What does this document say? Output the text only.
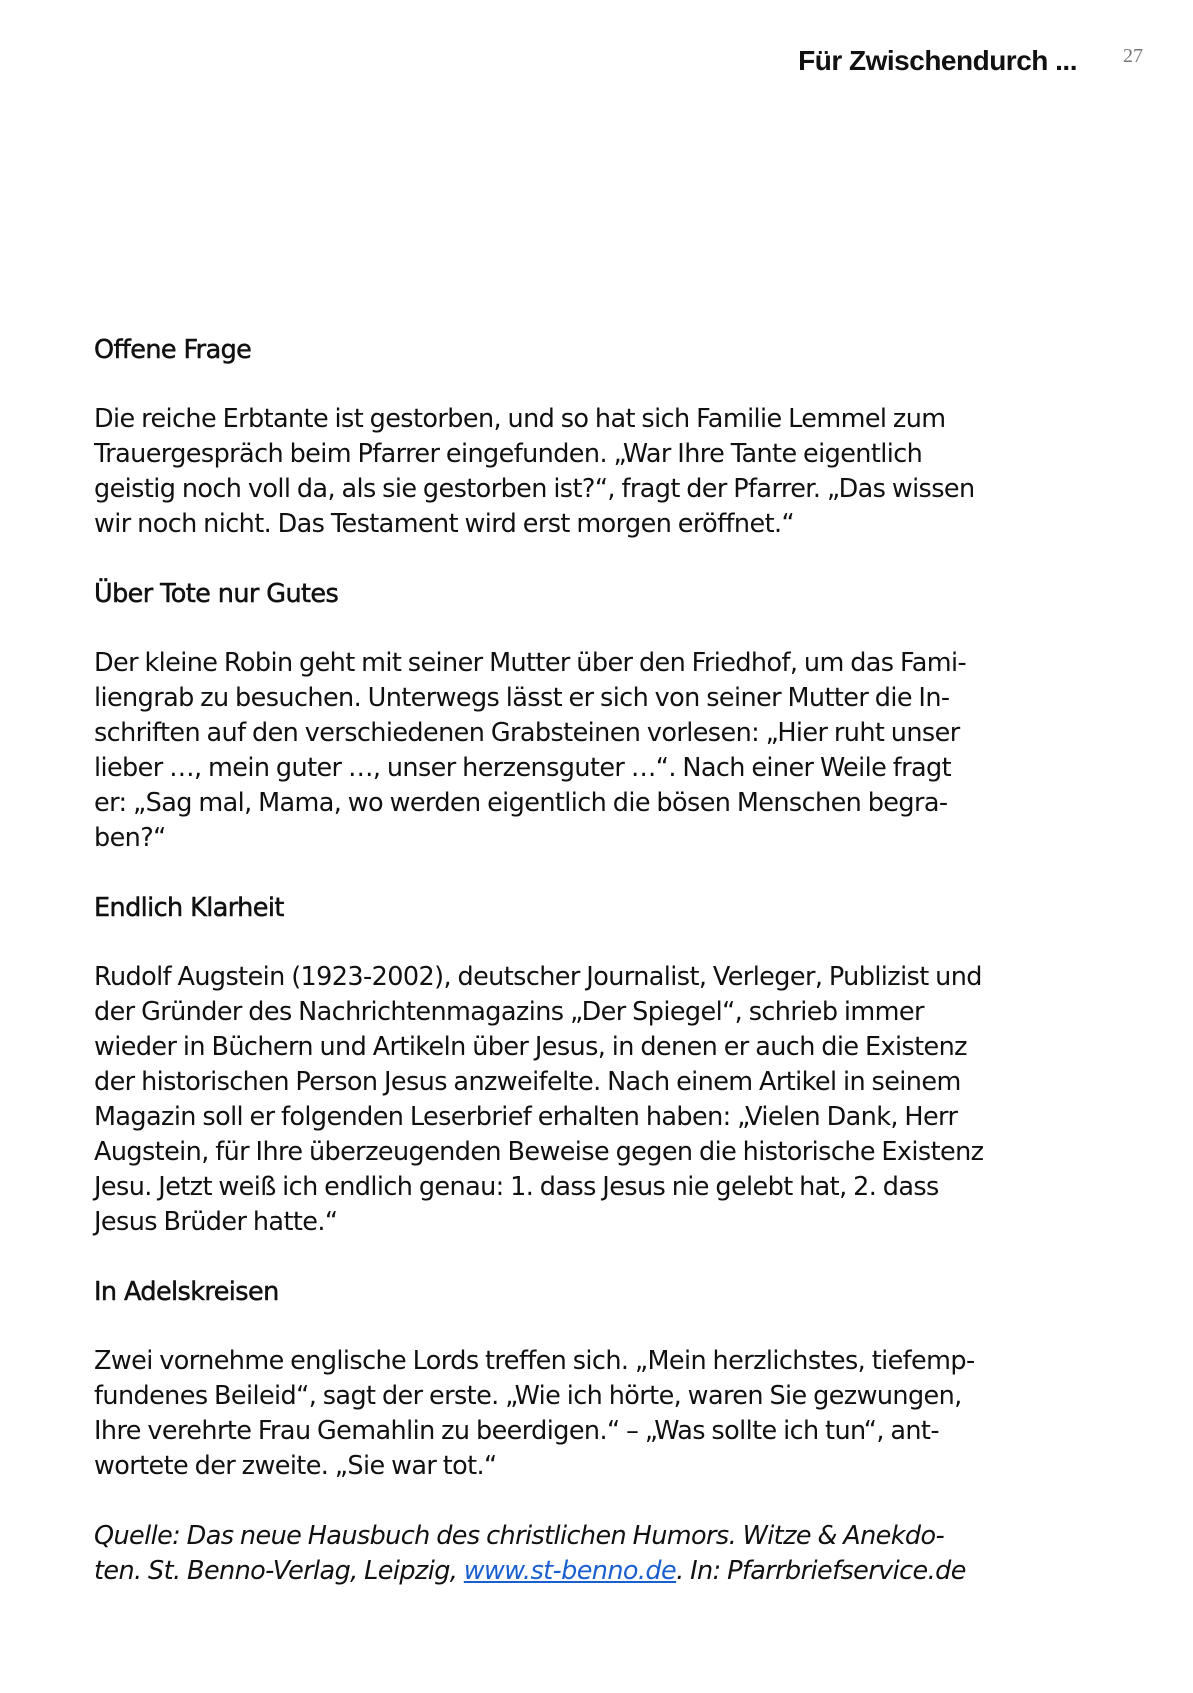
Für Zwischendurch ... 27
Offene Frage

Die reiche Erbtante ist gestorben, und so hat sich Familie Lemmel zum
Trauergespräch beim Pfarrer eingefunden. „War Ihre Tante eigentlich
geistig noch voll da, als sie gestorben ist?“, fragt der Pfarrer. „Das wissen
wir noch nicht. Das Testament wird erst morgen eröffnet.“

Über Tote nur Gutes

Der kleine Robin geht mit seiner Mutter über den Friedhof, um das Fami-
liengrab zu besuchen. Unterwegs lässt er sich von seiner Mutter die In-
schriften auf den verschiedenen Grabsteinen vorlesen: „Hier ruht unser
lieber …, mein guter …, unser herzensguter …“. Nach einer Weile fragt
er: „Sag mal, Mama, wo werden eigentlich die bösen Menschen begra-
ben?“

Endlich Klarheit

Rudolf Augstein (1923-2002), deutscher Journalist, Verleger, Publizist und
der Gründer des Nachrichtenmagazins „Der Spiegel“, schrieb immer
wieder in Büchern und Artikeln über Jesus, in denen er auch die Existenz
der historischen Person Jesus anzweifelte. Nach einem Artikel in seinem
Magazin soll er folgenden Leserbrief erhalten haben: „Vielen Dank, Herr
Augstein, für Ihre überzeugenden Beweise gegen die historische Existenz
Jesu. Jetzt weiß ich endlich genau: 1. dass Jesus nie gelebt hat, 2. dass
Jesus Brüder hatte.“

In Adelskreisen

Zwei vornehme englische Lords treffen sich. „Mein herzlichstes, tiefemp-
fundenes Beileid“, sagt der erste. „Wie ich hörte, waren Sie gezwungen,
Ihre verehrte Frau Gemahlin zu beerdigen.“ – „Was sollte ich tun“, ant-
wortete der zweite. „Sie war tot.“

Quelle: Das neue Hausbuch des christlichen Humors. Witze & Anekdo-
ten. St. Benno-Verlag, Leipzig, www.st-benno.de. In: Pfarrbriefservice.de
